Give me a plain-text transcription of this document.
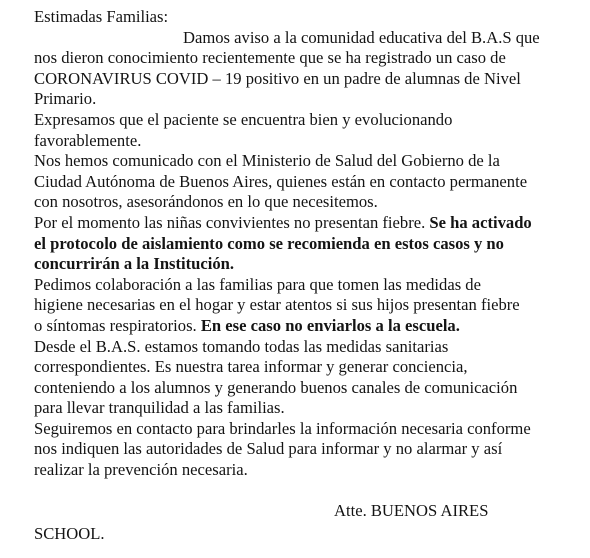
Estimadas Familias:
Damos aviso a la comunidad educativa del B.A.S que
nos dieron conocimiento recientemente que se ha registrado un caso de
CORONAVIRUS COVID – 19 positivo en un padre de alumnas de Nivel
Primario.
Expresamos que el paciente se encuentra bien y evolucionando
favorablemente.
Nos hemos comunicado con el Ministerio de Salud del Gobierno de la
Ciudad Autónoma de Buenos Aires, quienes están en contacto permanente
con nosotros, asesorándonos en lo que necesitemos.
Por el momento las niñas convivientes no presentan fiebre. Se ha activado
el protocolo de aislamiento como se recomienda en estos casos y no
concurrirán a la Institución.
Pedimos colaboración a las familias para que tomen las medidas de
higiene necesarias en el hogar y estar atentos si sus hijos presentan fiebre
o síntomas respiratorios. En ese caso no enviarlos a la escuela.
Desde el B.A.S. estamos tomando todas las medidas sanitarias
correspondientes. Es nuestra tarea informar y generar conciencia,
conteniendo a los alumnos y generando buenos canales de comunicación
para llevar tranquilidad a las familias.
Seguiremos en contacto para brindarles la información necesaria conforme
nos indiquen las autoridades de Salud para informar y no alarmar y así
realizar la prevención necesaria.
Atte. BUENOS AIRES
SCHOOL.
